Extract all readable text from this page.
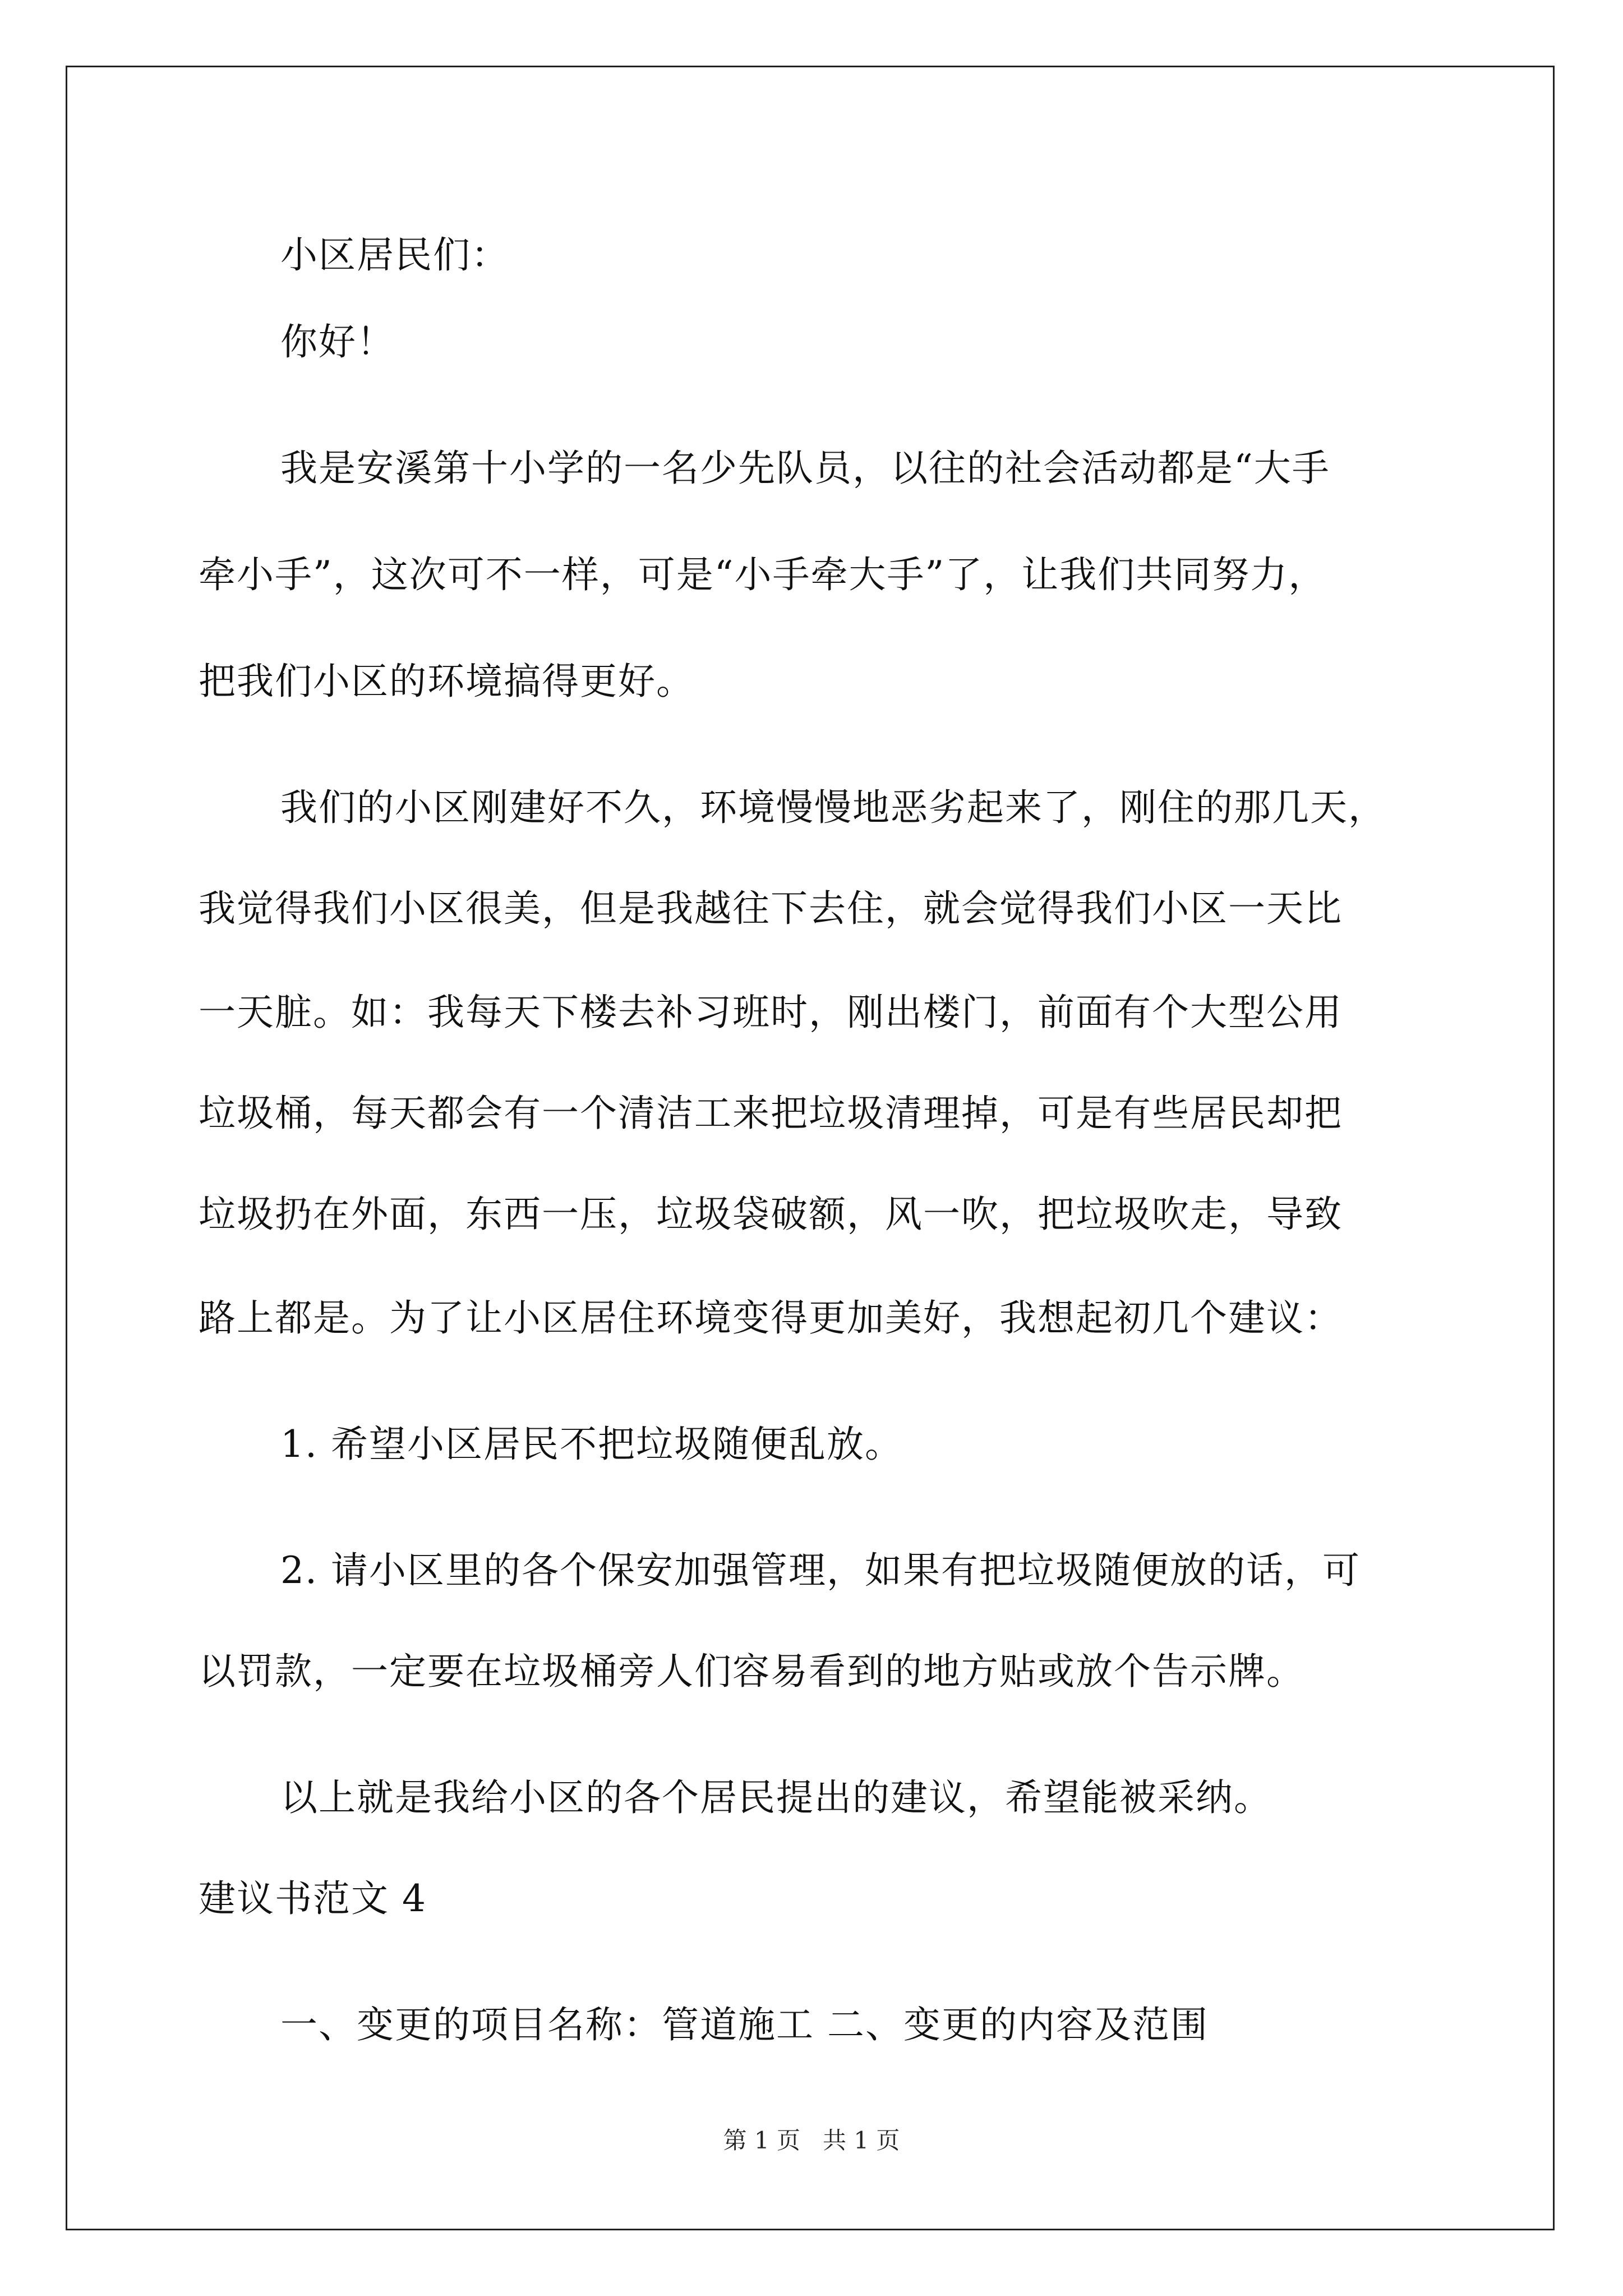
小区居民们：

你好！

我是安溪第十小学的一名少先队员，以往的社会活动都是“大手

牵小手”，这次可不一样，可是“小手牵大手”了，让我们共同努力，

把我们小区的环境搞得更好。

我们的小区刚建好不久，环境慢慢地恶劣起来了，刚住的那几天，

我觉得我们小区很美，但是我越往下去住，就会觉得我们小区一天比

一天脏。如：我每天下楼去补习班时，刚出楼门，前面有个大型公用

垃圾桶，每天都会有一个清洁工来把垃圾清理掉，可是有些居民却把

垃圾扔在外面，东西一压，垃圾袋破额，风一吹，把垃圾吹走，导致

路上都是。为了让小区居住环境变得更加美好，我想起初几个建议：

1. 希望小区居民不把垃圾随便乱放。

2. 请小区里的各个保安加强管理，如果有把垃圾随便放的话，可

以罚款，一定要在垃圾桶旁人们容易看到的地方贴或放个告示牌。

以上就是我给小区的各个居民提出的建议，希望能被采纳。

建议书范文 4

一、变更的项目名称：管道施工 二、变更的内容及范围

第 1 页 共 1 页
